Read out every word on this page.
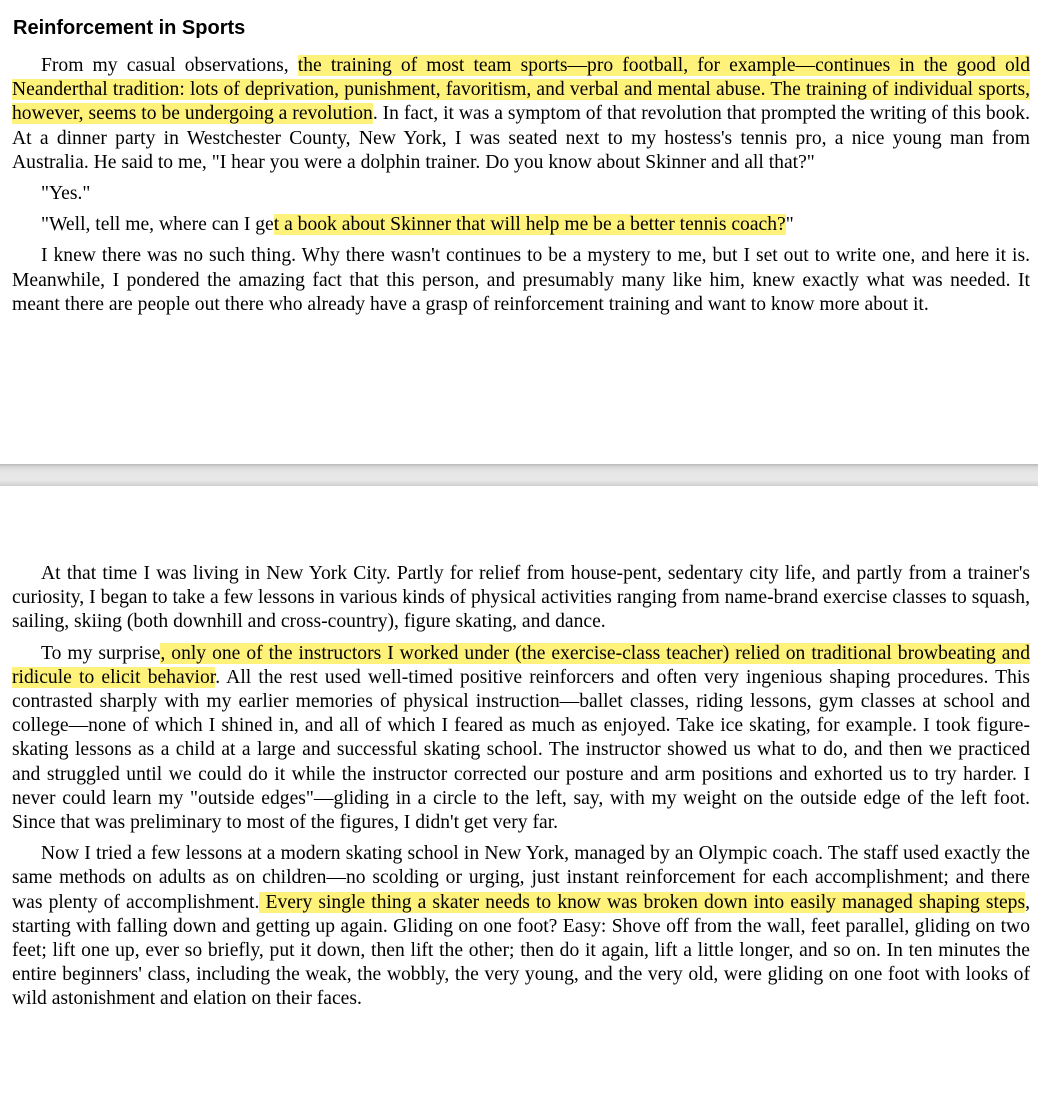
Reinforcement in Sports

From my casual observations, the training of most team sports—pro football, for example—continues in the good old Neanderthal tradition: lots of deprivation, punishment, favoritism, and verbal and mental abuse. The training of individual sports, however, seems to be undergoing a revolution. In fact, it was a symptom of that revolution that prompted the writing of this book. At a dinner party in Westchester County, New York, I was seated next to my hostess's tennis pro, a nice young man from Australia. He said to me, "I hear you were a dolphin trainer. Do you know about Skinner and all that?"

"Yes."

"Well, tell me, where can I get a book about Skinner that will help me be a better tennis coach?"

I knew there was no such thing. Why there wasn't continues to be a mystery to me, but I set out to write one, and here it is. Meanwhile, I pondered the amazing fact that this person, and presumably many like him, knew exactly what was needed. It meant there are people out there who already have a grasp of reinforcement training and want to know more about it.

At that time I was living in New York City. Partly for relief from house-pent, sedentary city life, and partly from a trainer's curiosity, I began to take a few lessons in various kinds of physical activities ranging from name-brand exercise classes to squash, sailing, skiing (both downhill and cross-country), figure skating, and dance.

To my surprise, only one of the instructors I worked under (the exercise-class teacher) relied on traditional browbeating and ridicule to elicit behavior. All the rest used well-timed positive reinforcers and often very ingenious shaping procedures. This contrasted sharply with my earlier memories of physical instruction—ballet classes, riding lessons, gym classes at school and college—none of which I shined in, and all of which I feared as much as enjoyed. Take ice skating, for example. I took figure-skating lessons as a child at a large and successful skating school. The instructor showed us what to do, and then we practiced and struggled until we could do it while the instructor corrected our posture and arm positions and exhorted us to try harder. I never could learn my "outside edges"—gliding in a circle to the left, say, with my weight on the outside edge of the left foot. Since that was preliminary to most of the figures, I didn't get very far.

Now I tried a few lessons at a modern skating school in New York, managed by an Olympic coach. The staff used exactly the same methods on adults as on children—no scolding or urging, just instant reinforcement for each accomplishment; and there was plenty of accomplishment. Every single thing a skater needs to know was broken down into easily managed shaping steps, starting with falling down and getting up again. Gliding on one foot? Easy: Shove off from the wall, feet parallel, gliding on two feet; lift one up, ever so briefly, put it down, then lift the other; then do it again, lift a little longer, and so on. In ten minutes the entire beginners' class, including the weak, the wobbly, the very young, and the very old, were gliding on one foot with looks of wild astonishment and elation on their faces.
